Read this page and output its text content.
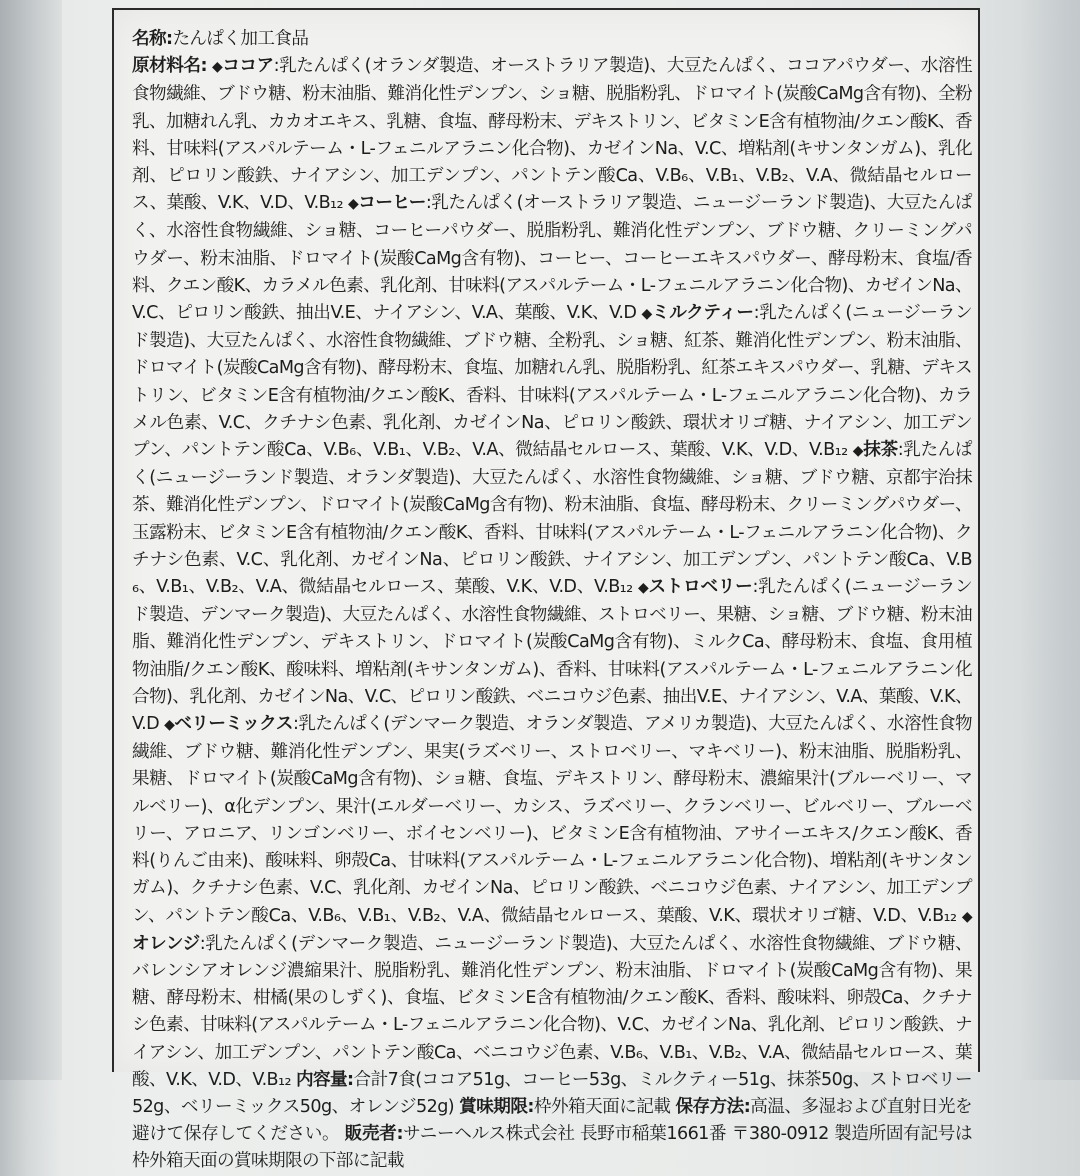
名称:たんぱく加工食品
原材料名: ◆ココア:乳たんぱく(オランダ製造、オーストラリア製造)、大豆たんぱく、ココアパウダー、水溶性食物繊維、ブドウ糖、粉末油脂、難消化性デンプン、ショ糖、脱脂粉乳、ドロマイト(炭酸CaMg含有物)、全粉乳、加糖れん乳、カカオエキス、乳糖、食塩、酵母粉末、デキストリン、ビタミンE含有植物油/クエン酸K、香料、甘味料(アスパルテーム・L-フェニルアラニン化合物)、カゼインNa、V.C、増粘剤(キサンタンガム)、乳化剤、ピロリン酸鉄、ナイアシン、加工デンプン、パントテン酸Ca、V.B₆、V.B₁、V.B₂、V.A、微結晶セルロース、葉酸、V.K、V.D、V.B₁₂ ◆コーヒー:乳たんぱく(オーストラリア製造、ニュージーランド製造)、大豆たんぱく、水溶性食物繊維、ショ糖、コーヒーパウダー、脱脂粉乳、難消化性デンプン、ブドウ糖、クリーミングパウダー、粉末油脂、ドロマイト(炭酸CaMg含有物)、コーヒー、コーヒーエキスパウダー、酵母粉末、食塩/香料、クエン酸K、カラメル色素、乳化剤、甘味料(アスパルテーム・L-フェニルアラニン化合物)、カゼインNa、V.C、ピロリン酸鉄、抽出V.E、ナイアシン、V.A、葉酸、V.K、V.D ◆ミルクティー:乳たんぱく(ニュージーランド製造)、大豆たんぱく、水溶性食物繊維、ブドウ糖、全粉乳、ショ糖、紅茶、難消化性デンプン、粉末油脂、ドロマイト(炭酸CaMg含有物)、酵母粉末、食塩、加糖れん乳、脱脂粉乳、紅茶エキスパウダー、乳糖、デキストリン、ビタミンE含有植物油/クエン酸K、香料、甘味料(アスパルテーム・L-フェニルアラニン化合物)、カラメル色素、V.C、クチナシ色素、乳化剤、カゼインNa、ピロリン酸鉄、環状オリゴ糖、ナイアシン、加工デンプン、パントテン酸Ca、V.B₆、V.B₁、V.B₂、V.A、微結晶セルロース、葉酸、V.K、V.D、V.B₁₂ ◆抹茶:乳たんぱく(ニュージーランド製造、オランダ製造)、大豆たんぱく、水溶性食物繊維、ショ糖、ブドウ糖、京都宇治抹茶、難消化性デンプン、ドロマイト(炭酸CaMg含有物)、粉末油脂、食塩、酵母粉末、クリーミングパウダー、玉露粉末、ビタミンE含有植物油/クエン酸K、香料、甘味料(アスパルテーム・L-フェニルアラニン化合物)、クチナシ色素、V.C、乳化剤、カゼインNa、ピロリン酸鉄、ナイアシン、加工デンプン、パントテン酸Ca、V.B₆、V.B₁、V.B₂、V.A、微結晶セルロース、葉酸、V.K、V.D、V.B₁₂ ◆ストロベリー:乳たんぱく(ニュージーランド製造、デンマーク製造)、大豆たんぱく、水溶性食物繊維、ストロベリー、果糖、ショ糖、ブドウ糖、粉末油脂、難消化性デンプン、デキストリン、ドロマイト(炭酸CaMg含有物)、ミルクCa、酵母粉末、食塩、食用植物油脂/クエン酸K、酸味料、増粘剤(キサンタンガム)、香料、甘味料(アスパルテーム・L-フェニルアラニン化合物)、乳化剤、カゼインNa、V.C、ピロリン酸鉄、ベニコウジ色素、抽出V.E、ナイアシン、V.A、葉酸、V.K、V.D ◆ベリーミックス:乳たんぱく(デンマーク製造、オランダ製造、アメリカ製造)、大豆たんぱく、水溶性食物繊維、ブドウ糖、難消化性デンプン、果実(ラズベリー、ストロベリー、マキベリー)、粉末油脂、脱脂粉乳、果糖、ドロマイト(炭酸CaMg含有物)、ショ糖、食塩、デキストリン、酵母粉末、濃縮果汁(ブルーベリー、マルベリー)、α化デンプン、果汁(エルダーベリー、カシス、ラズベリー、クランベリー、ビルベリー、ブルーベリー、アロニア、リンゴンベリー、ボイセンベリー)、ビタミンE含有植物油、アサイーエキス/クエン酸K、香料(りんご由来)、酸味料、卵殻Ca、甘味料(アスパルテーム・L-フェニルアラニン化合物)、増粘剤(キサンタンガム)、クチナシ色素、V.C、乳化剤、カゼインNa、ピロリン酸鉄、ベニコウジ色素、ナイアシン、加工デンプン、パントテン酸Ca、V.B₆、V.B₁、V.B₂、V.A、微結晶セルロース、葉酸、V.K、環状オリゴ糖、V.D、V.B₁₂ ◆オレンジ:乳たんぱく(デンマーク製造、ニュージーランド製造)、大豆たんぱく、水溶性食物繊維、ブドウ糖、バレンシアオレンジ濃縮果汁、脱脂粉乳、難消化性デンプン、粉末油脂、ドロマイト(炭酸CaMg含有物)、果糖、酵母粉末、柑橘(果のしずく)、食塩、ビタミンE含有植物油/クエン酸K、香料、酸味料、卵殻Ca、クチナシ色素、甘味料(アスパルテーム・L-フェニルアラニン化合物)、V.C、カゼインNa、乳化剤、ピロリン酸鉄、ナイアシン、加工デンプン、パントテン酸Ca、ベニコウジ色素、V.B₆、V.B₁、V.B₂、V.A、微結晶セルロース、葉酸、V.K、V.D、V.B₁₂ 内容量:合計7食(ココア51g、コーヒー53g、ミルクティー51g、抹茶50g、ストロベリー52g、ベリーミックス50g、オレンジ52g) 賞味期限:枠外箱天面に記載 保存方法:高温、多湿および直射日光を避けて保存してください。 販売者:サニーヘルス株式会社 長野市稲葉1661番 〒380-0912 製造所固有記号は枠外箱天面の賞味期限の下部に記載
